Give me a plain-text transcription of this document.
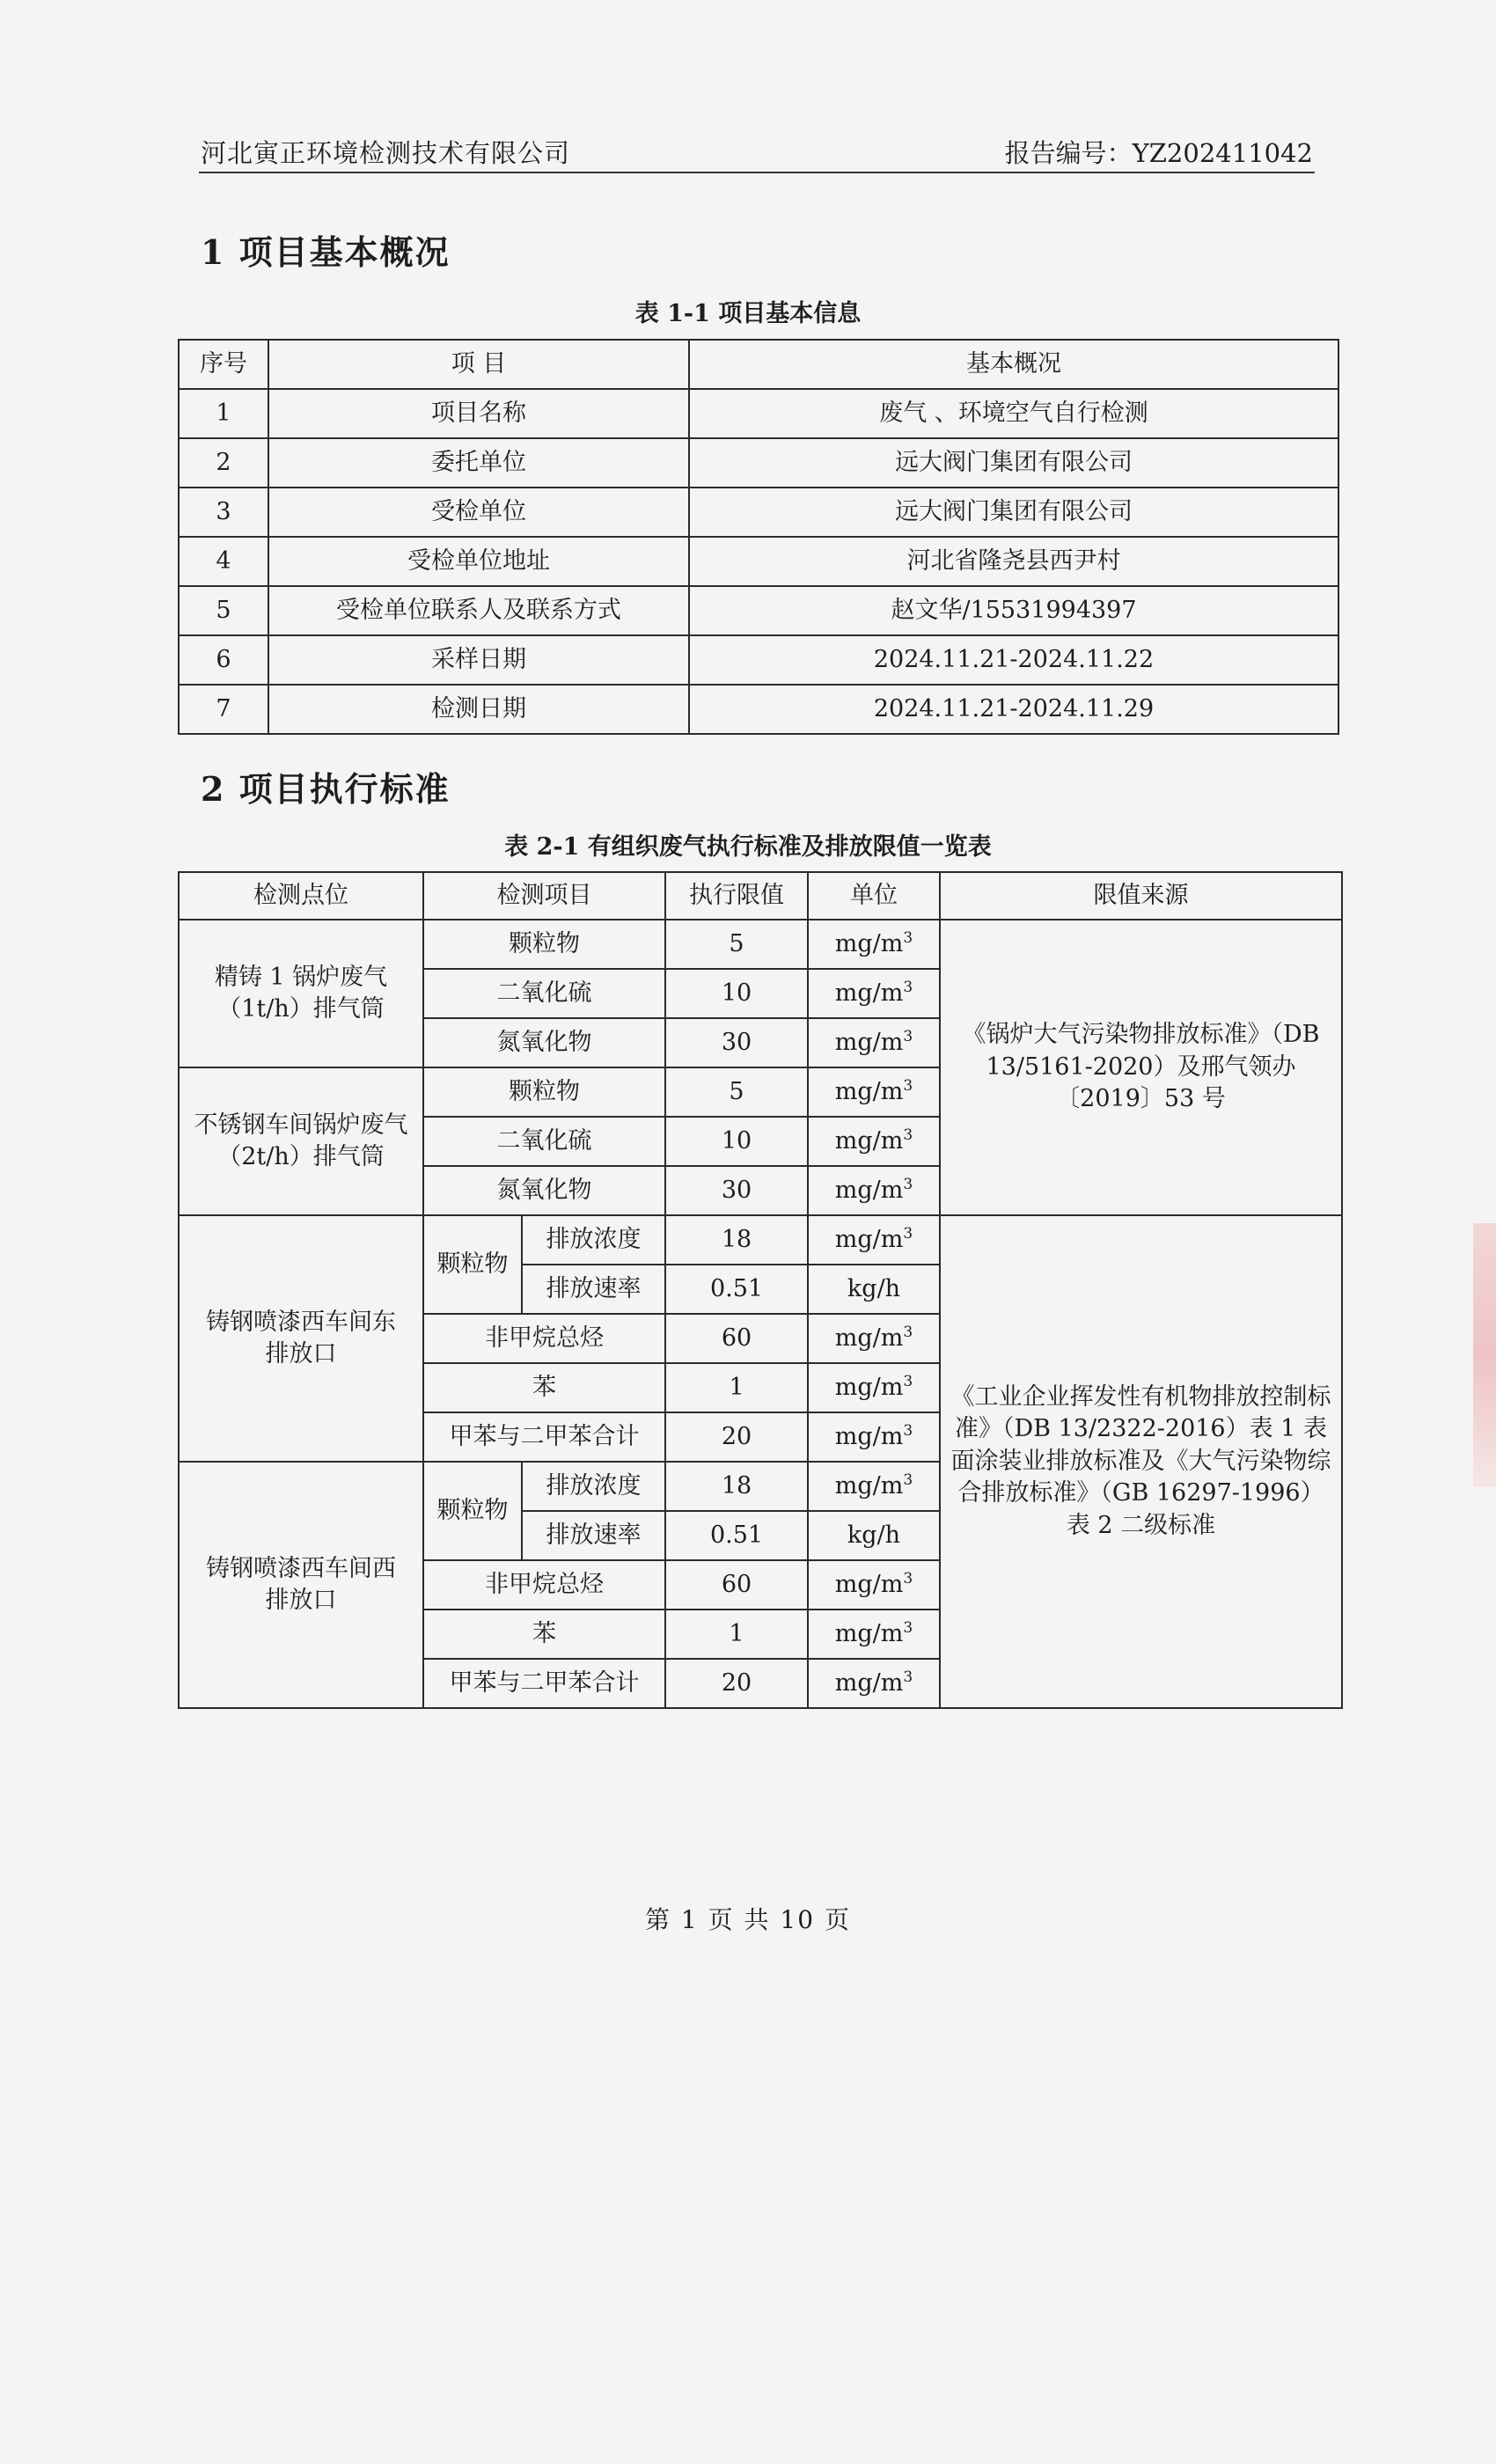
河北寅正环境检测技术有限公司	报告编号：YZ202411042
1 项目基本概况
表 1-1 项目基本信息
序号	项 目	基本概况
1	项目名称	废气 、环境空气自行检测
2	委托单位	远大阀门集团有限公司
3	受检单位	远大阀门集团有限公司
4	受检单位地址	河北省隆尧县西尹村
5	受检单位联系人及联系方式	赵文华/15531994397
6	采样日期	2024.11.21-2024.11.22
7	检测日期	2024.11.21-2024.11.29
2 项目执行标准
表 2-1 有组织废气执行标准及排放限值一览表
检测点位	检测项目		执行限值	单位	限值来源
精铸 1 锅炉废气（1t/h）排气筒	颗粒物		5	$mg/m^3$	《锅炉大气污染物排放标准》（DB 13/5161-2020）及邢气领办〔2019〕53 号
	二氧化硫		10	$mg/m^3$
	氮氧化物		30	$mg/m^3$
不锈钢车间锅炉废气（2t/h）排气筒	颗粒物		5	$mg/m^3$
	二氧化硫		10	$mg/m^3$
	氮氧化物		30	$mg/m^3$
铸钢喷漆西车间东排放口	颗粒物	排放浓度	18	$mg/m^3$	《工业企业挥发性有机物排放控制标准》（DB 13/2322-2016）表 1 表面涂装业排放标准及《大气污染物综合排放标准》（GB 16297-1996）表 2 二级标准
		排放速率	0.51	kg/h	
	非甲烷总烃		60	$mg/m^3$
	苯		1	$mg/m^3$
	甲苯与二甲苯合计		20	$mg/m^3$
铸钢喷漆西车间西排放口	颗粒物	排放浓度	18	$mg/m^3$
		排放速率	0.51	kg/h	
	非甲烷总烃		60	$mg/m^3$
	苯		1	$mg/m^3$
	甲苯与二甲苯合计		20	$mg/m^3$
第 1 页 共 10 页
